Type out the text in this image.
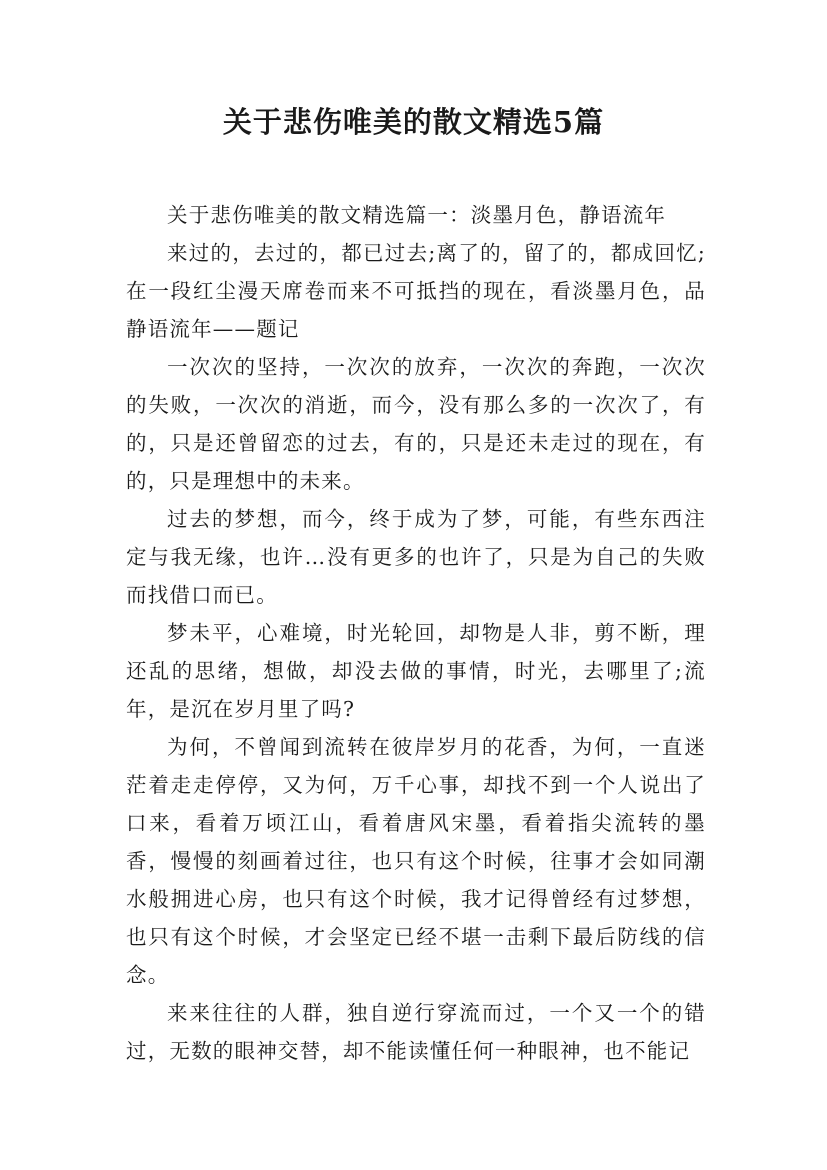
关于悲伤唯美的散文精选5篇

关于悲伤唯美的散文精选篇一：淡墨月色，静语流年

来过的，去过的，都已过去;离了的，留了的，都成回忆;在一段红尘漫天席卷而来不可抵挡的现在，看淡墨月色，品静语流年——题记

一次次的坚持，一次次的放弃，一次次的奔跑，一次次的失败，一次次的消逝，而今，没有那么多的一次次了，有的，只是还曾留恋的过去，有的，只是还未走过的现在，有的，只是理想中的未来。

过去的梦想，而今，终于成为了梦，可能，有些东西注定与我无缘，也许…没有更多的也许了，只是为自己的失败而找借口而已。

梦未平，心难境，时光轮回，却物是人非，剪不断，理还乱的思绪，想做，却没去做的事情，时光，去哪里了;流年，是沉在岁月里了吗?

为何，不曾闻到流转在彼岸岁月的花香，为何，一直迷茫着走走停停，又为何，万千心事，却找不到一个人说出了口来，看着万顷江山，看着唐风宋墨，看着指尖流转的墨香，慢慢的刻画着过往，也只有这个时候，往事才会如同潮水般拥进心房，也只有这个时候，我才记得曾经有过梦想，也只有这个时候，才会坚定已经不堪一击剩下最后防线的信念。

来来往往的人群，独自逆行穿流而过，一个又一个的错过，无数的眼神交替，却不能读懂任何一种眼神，也不能记
